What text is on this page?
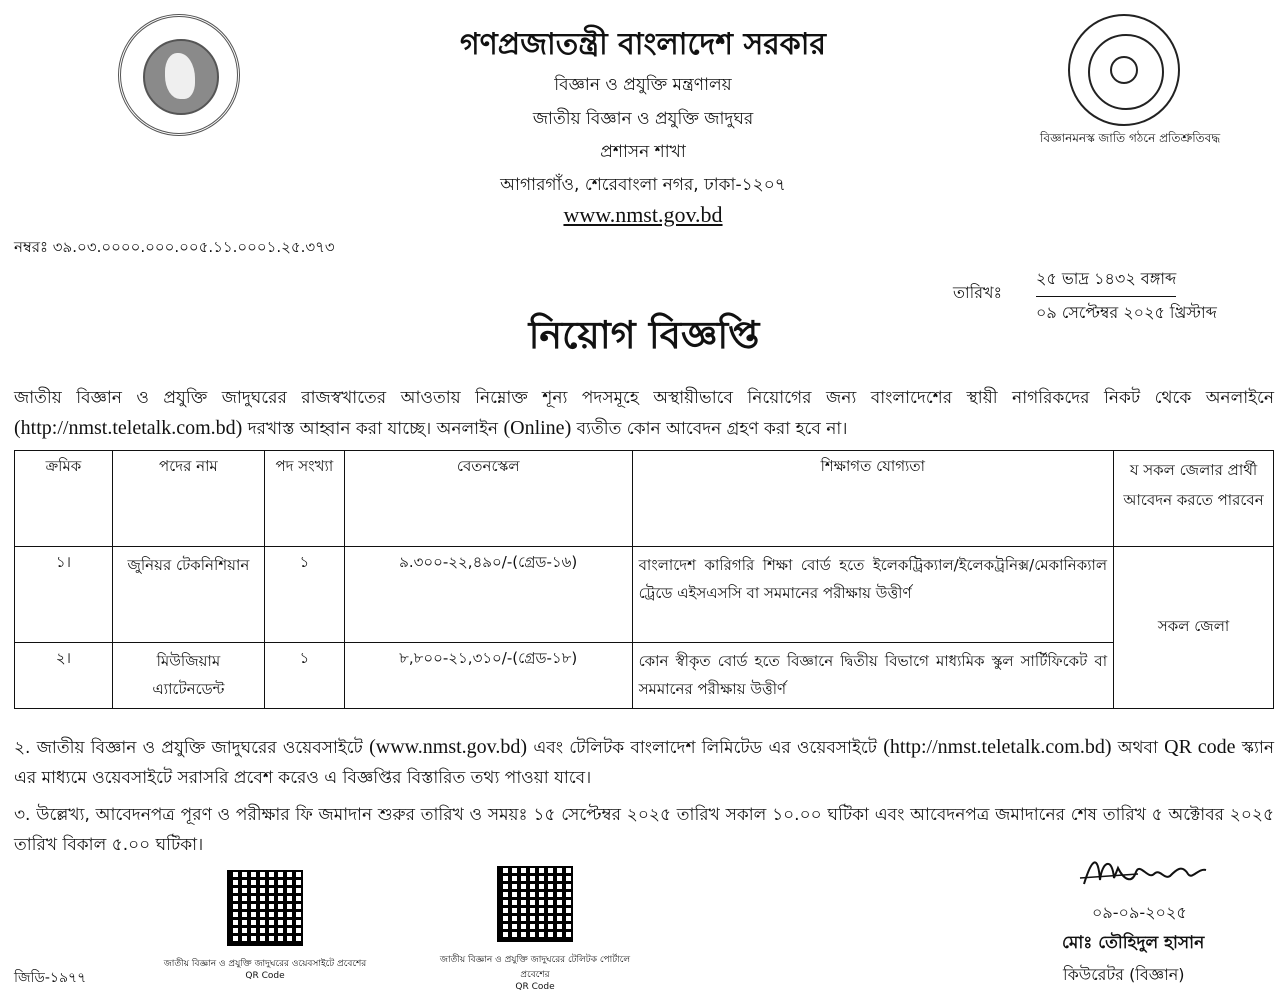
বিজ্ঞানমনস্ক জাতি গঠনে প্রতিশ্রুতিবদ্ধ
গণপ্রজাতন্ত্রী বাংলাদেশ সরকার
বিজ্ঞান ও প্রযুক্তি মন্ত্রণালয়
জাতীয় বিজ্ঞান ও প্রযুক্তি জাদুঘর
প্রশাসন শাখা
আগারগাঁও, শেরেবাংলা নগর, ঢাকা-১২০৭
www.nmst.gov.bd
নম্বরঃ ৩৯.০৩.০০০০.০০০.০০৫.১১.০০০১.২৫.৩৭৩
তারিখঃ
২৫ ভাদ্র ১৪৩২ বঙ্গাব্দ
০৯ সেপ্টেম্বর ২০২৫ খ্রিস্টাব্দ
নিয়োগ বিজ্ঞপ্তি
জাতীয় বিজ্ঞান ও প্রযুক্তি জাদুঘরের রাজস্বখাতের আওতায় নিম্নোক্ত শূন্য পদসমূহে অস্থায়ীভাবে নিয়োগের জন্য বাংলাদেশের স্থায়ী নাগরিকদের নিকট থেকে অনলাইনে (http://nmst.teletalk.com.bd) দরখাস্ত আহ্বান করা যাচ্ছে। অনলাইন (Online) ব্যতীত কোন আবেদন গ্রহণ করা হবে না।
ক্রমিক	পদের নাম	পদ সংখ্যা	বেতনস্কেল	শিক্ষাগত যোগ্যতা	য সকল জেলার প্রার্থী আবেদন করতে পারবেন
১।	জুনিয়র টেকনিশিয়ান	১	৯.৩০০-২২,৪৯০/-(গ্রেড-১৬)	বাংলাদেশ কারিগরি শিক্ষা বোর্ড হতে ইলেকট্রিক্যাল/ইলেকট্রনিক্স/মেকানিক্যাল ট্রেডে এইসএসসি বা সমমানের পরীক্ষায় উত্তীর্ণ	সকল জেলা
২।	মিউজিয়াম এ্যাটেনডেন্ট	১	৮,৮০০-২১,৩১০/-(গ্রেড-১৮)	কোন স্বীকৃত বোর্ড হতে বিজ্ঞানে দ্বিতীয় বিভাগে মাধ্যমিক স্কুল সার্টিফিকেট বা সমমানের পরীক্ষায় উত্তীর্ণ	
২. জাতীয় বিজ্ঞান ও প্রযুক্তি জাদুঘরের ওয়েবসাইটে (www.nmst.gov.bd) এবং টেলিটক বাংলাদেশ লিমিটেড এর ওয়েবসাইটে (http://nmst.teletalk.com.bd) অথবা QR code স্ক্যান এর মাধ্যমে ওয়েবসাইটে সরাসরি প্রবেশ করেও এ বিজ্ঞপ্তির বিস্তারিত তথ্য পাওয়া যাবে।
৩. উল্লেখ্য, আবেদনপত্র পূরণ ও পরীক্ষার ফি জমাদান শুরুর তারিখ ও সময়ঃ ১৫ সেপ্টেম্বর ২০২৫ তারিখ সকাল ১০.০০ ঘটিকা এবং আবেদনপত্র জমাদানের শেষ তারিখ ৫ অক্টোবর ২০২৫ তারিখ বিকাল ৫.০০ ঘটিকা।
জাতীয় বিজ্ঞান ও প্রযুক্তি জাদুঘরের ওয়েবসাইটে প্রবেশের
QR Code
জাতীয় বিজ্ঞান ও প্রযুক্তি জাদুঘরের টেলিটক পোর্টালে প্রবেশের
QR Code
০৯-০৯-২০২৫
মোঃ তৌহিদুল হাসান
কিউরেটর (বিজ্ঞান)
জিডি-১৯৭৭
